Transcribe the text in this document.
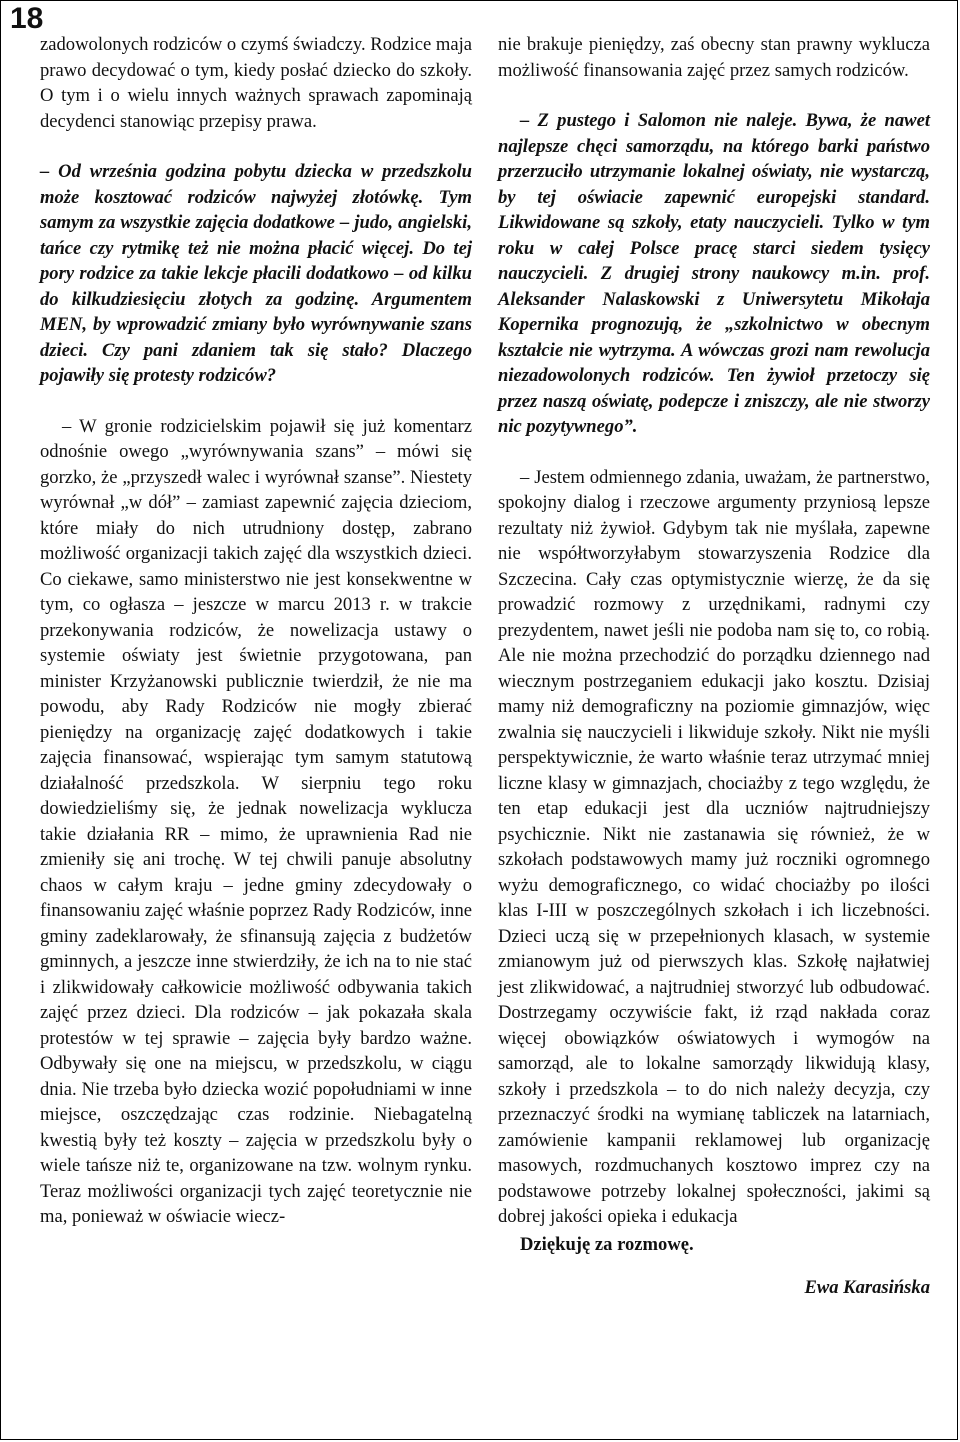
18

zadowolonych rodziców o czymś świadczy. Rodzice maja prawo decydować o tym, kiedy posłać dziecko do szkoły. O tym i o wielu innych ważnych sprawach zapominają decydenci stanowiąc przepisy prawa.

– Od września godzina pobytu dziecka w przedszkolu może kosztować rodziców najwyżej złotówkę. Tym samym za wszystkie zajęcia dodatkowe – judo, angielski, tańce czy rytmikę też nie można płacić więcej. Do tej pory rodzice za takie lekcje płacili dodatkowo – od kilku do kilkudziesięciu złotych za godzinę. Argumentem MEN, by wprowadzić zmiany było wyrównywanie szans dzieci. Czy pani zdaniem tak się stało? Dlaczego pojawiły się protesty rodziców?

– W gronie rodzicielskim pojawił się już komentarz odnośnie owego „wyrównywania szans” – mówi się gorzko, że „przyszedł walec i wyrównał szanse”. Niestety wyrównał „w dół” – zamiast zapewnić zajęcia dzieciom, które miały do nich utrudniony dostęp, zabrano możliwość organizacji takich zajęć dla wszystkich dzieci. Co ciekawe, samo ministerstwo nie jest konsekwentne w tym, co ogłasza – jeszcze w marcu 2013 r. w trakcie przekonywania rodziców, że nowelizacja ustawy o systemie oświaty jest świetnie przygotowana, pan minister Krzyżanowski publicznie twierdził, że nie ma powodu, aby Rady Rodziców nie mogły zbierać pieniędzy na organizację zajęć dodatkowych i takie zajęcia finansować, wspierając tym samym statutową działalność przedszkola. W sierpniu tego roku dowiedzieliśmy się, że jednak nowelizacja wyklucza takie działania RR – mimo, że uprawnienia Rad nie zmieniły się ani trochę. W tej chwili panuje absolutny chaos w całym kraju – jedne gminy zdecydowały o finansowaniu zajęć właśnie poprzez Rady Rodziców, inne gminy zadeklarowały, że sfinansują zajęcia z budżetów gminnych, a jeszcze inne stwierdziły, że ich na to nie stać i zlikwidowały całkowicie możliwość odbywania takich zajęć przez dzieci. Dla rodziców – jak pokazała skala protestów w tej sprawie – zajęcia były bardzo ważne. Odbywały się one na miejscu, w przedszkolu, w ciągu dnia. Nie trzeba było dziecka wozić popołudniami w inne miejsce, oszczędzając czas rodzinie. Niebagatelną kwestią były też koszty – zajęcia w przedszkolu były o wiele tańsze niż te, organizowane na tzw. wolnym rynku. Teraz możliwości organizacji tych zajęć teoretycznie nie ma, ponieważ w oświacie wiecz-

nie brakuje pieniędzy, zaś obecny stan prawny wyklucza możliwość finansowania zajęć przez samych rodziców.

– Z pustego i Salomon nie naleje. Bywa, że nawet najlepsze chęci samorządu, na którego barki państwo przerzuciło utrzymanie lokalnej oświaty, nie wystarczą, by tej oświacie zapewnić europejski standard. Likwidowane są szkoły, etaty nauczycieli. Tylko w tym roku w całej Polsce pracę starci siedem tysięcy nauczycieli. Z drugiej strony naukowcy m.in. prof. Aleksander Nalaskowski z Uniwersytetu Mikołaja Kopernika prognozują, że „szkolnictwo w obecnym kształcie nie wytrzyma. A wówczas grozi nam rewolucja niezadowolonych rodziców. Ten żywioł przetoczy się przez naszą oświatę, podepcze i zniszczy, ale nie stworzy nic pozytywnego”.

– Jestem odmiennego zdania, uważam, że partnerstwo, spokojny dialog i rzeczowe argumenty przyniosą lepsze rezultaty niż żywioł. Gdybym tak nie myślała, zapewne nie współtworzyłabym stowarzyszenia Rodzice dla Szczecina. Cały czas optymistycznie wierzę, że da się prowadzić rozmowy z urzędnikami, radnymi czy prezydentem, nawet jeśli nie podoba nam się to, co robią. Ale nie można przechodzić do porządku dziennego nad wiecznym postrzeganiem edukacji jako kosztu. Dzisiaj mamy niż demograficzny na poziomie gimnazjów, więc zwalnia się nauczycieli i likwiduje szkoły. Nikt nie myśli perspektywicznie, że warto właśnie teraz utrzymać mniej liczne klasy w gimnazjach, chociażby z tego względu, że ten etap edukacji jest dla uczniów najtrudniejszy psychicznie. Nikt nie zastanawia się również, że w szkołach podstawowych mamy już roczniki ogromnego wyżu demograficznego, co widać chociażby po ilości klas I-III w poszczególnych szkołach i ich liczebności. Dzieci uczą się w przepełnionych klasach, w systemie zmianowym już od pierwszych klas. Szkołę najłatwiej jest zlikwidować, a najtrudniej stworzyć lub odbudować. Dostrzegamy oczywiście fakt, iż rząd nakłada coraz więcej obowiązków oświatowych i wymogów na samorząd, ale to lokalne samorządy likwidują klasy, szkoły i przedszkola – to do nich należy decyzja, czy przeznaczyć środki na wymianę tabliczek na latarniach, zamówienie kampanii reklamowej lub organizację masowych, rozdmuchanych kosztowo imprez czy na podstawowe potrzeby lokalnej społeczności, jakimi są dobrej jakości opieka i edukacja

Dziękuję za rozmowę.

Ewa Karasińska
